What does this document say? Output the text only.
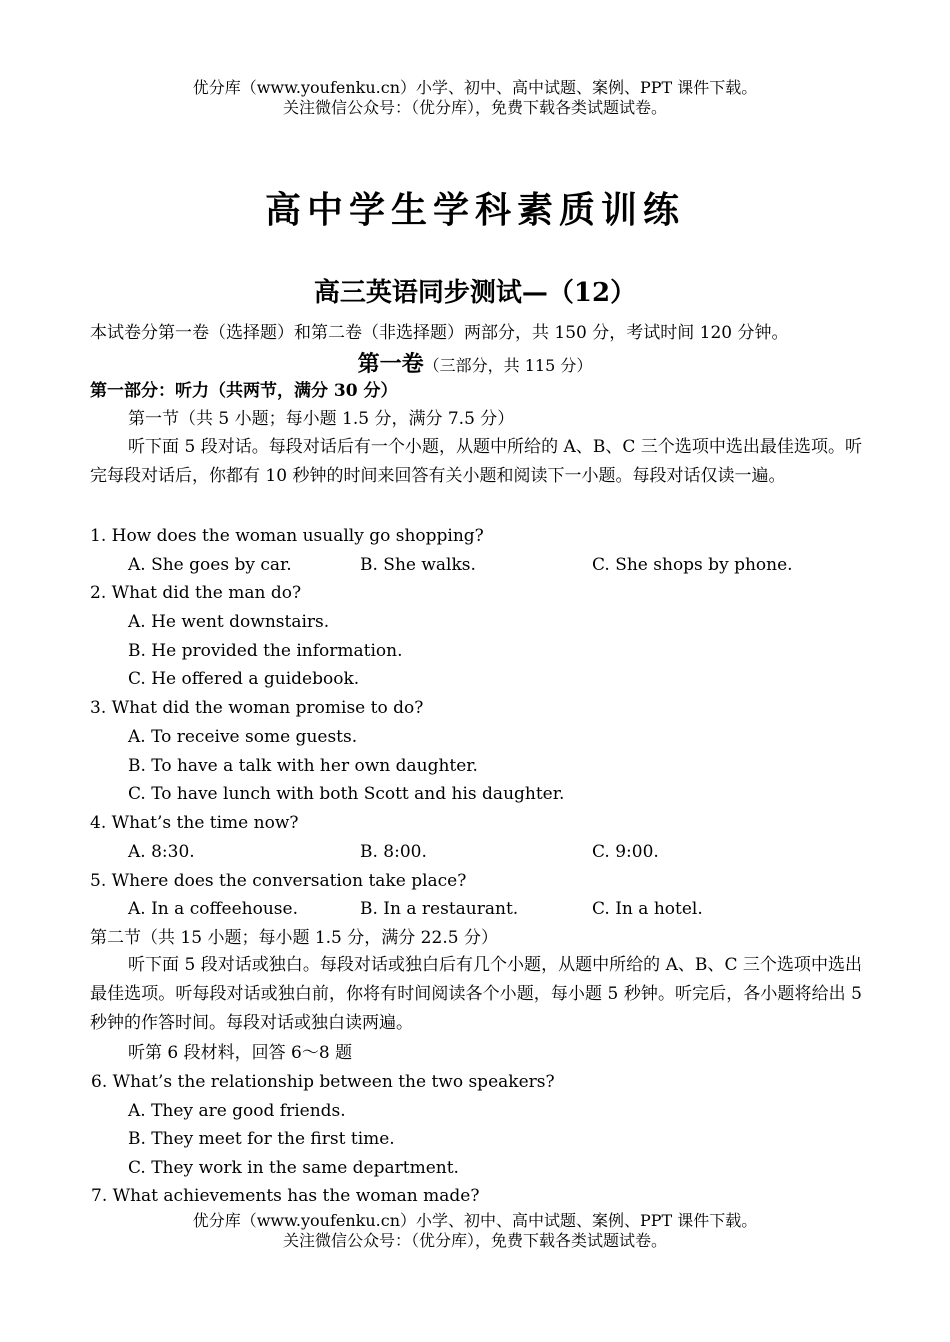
优分库（www.youfenku.cn）小学、初中、高中试题、案例、PPT 课件下载。
关注微信公众号：（优分库），免费下载各类试题试卷。
高中学生学科素质训练
高三英语同步测试—（12）
本试卷分第一卷（选择题）和第二卷（非选择题）两部分，共 150 分，考试时间 120 分钟。
第一卷（三部分，共 115 分）
第一部分：听力（共两节，满分 30 分）
第一节（共 5 小题；每小题 1.5 分，满分 7.5 分）
听下面 5 段对话。每段对话后有一个小题，从题中所给的 A、B、C 三个选项中选出最佳选项。听完每段对话后，你都有 10 秒钟的时间来回答有关小题和阅读下一小题。每段对话仅读一遍。
1. How does the woman usually go shopping?
A. She goes by car.	B. She walks.	C. She shops by phone.
2. What did the man do?
A. He went downstairs.
B. He provided the information.
C. He offered a guidebook.
3. What did the woman promise to do?
A. To receive some guests.
B. To have a talk with her own daughter.
C. To have lunch with both Scott and his daughter.
4. What’s the time now?
A. 8:30.	B. 8:00.	C. 9:00.
5. Where does the conversation take place?
A. In a coffeehouse.	B. In a restaurant.	C. In a hotel.
第二节（共 15 小题；每小题 1.5 分，满分 22.5 分）
听下面 5 段对话或独白。每段对话或独白后有几个小题，从题中所给的 A、B、C 三个选项中选出最佳选项。听每段对话或独白前，你将有时间阅读各个小题，每小题 5 秒钟。听完后，各小题将给出 5 秒钟的作答时间。每段对话或独白读两遍。
听第 6 段材料，回答 6～8 题
6. What’s the relationship between the two speakers?
A. They are good friends.
B. They meet for the first time.
C. They work in the same department.
7. What achievements has the woman made?
优分库（www.youfenku.cn）小学、初中、高中试题、案例、PPT 课件下载。
关注微信公众号：（优分库），免费下载各类试题试卷。
